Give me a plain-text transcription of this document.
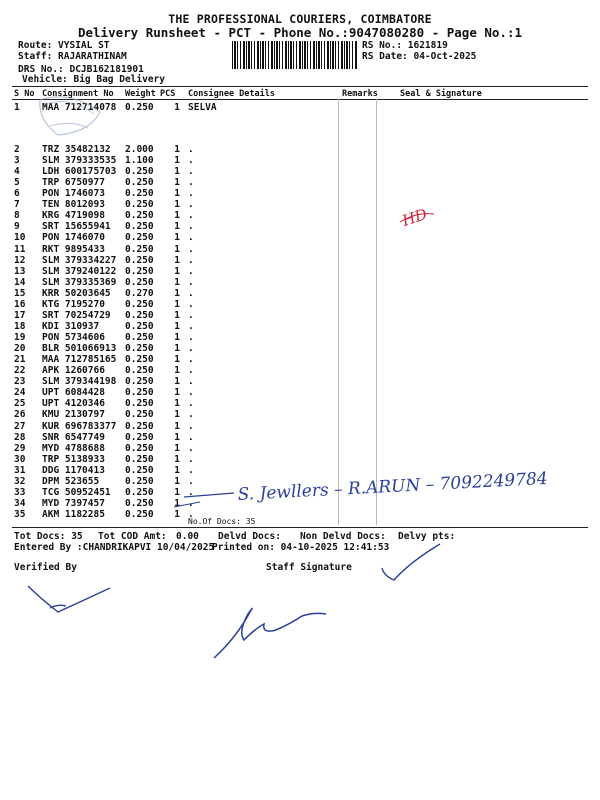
THE PROFESSIONAL COURIERS, COIMBATORE
Delivery Runsheet - PCT - Phone No.:9047080280 - Page No.:1
Route: VYSIAL ST
Staff: RAJARATHINAM
DRS No.: DCJB162181901
Vehicle: Big Bag Delivery
RS No.: 1621819
RS Date: 04-Oct-2025
S No Consignment No Weight PCS Consignee Details	Remarks	Seal & Signature
1 MAA 712714078 0.250	1 SELVA
2 TRZ 35482132 2.000	1 .
3 SLM 379333535 1.100	1 .
4 LDH 600175703 0.250	1 .
5 TRP 6750977 0.250	1 .
6 PON 1746073 0.250	1 .
7 TEN 8012093 0.250	1 .
8 KRG 4719098 0.250	1 .
9 SRT 15655941 0.250	1 .
10 PON 1746070 0.250	1 .
11 RKT 9895433 0.250	1 .
12 SLM 379334227 0.250	1 .
13 SLM 379240122 0.250	1 .
14 SLM 379335369 0.250	1 .
15 KRR 50203645 0.270	1 .
16 KTG 7195270 0.250	1 .
17 SRT 70254729 0.250	1 .
18 KDI 310937	0.250	1 .
19 PON 5734606 0.250	1 .
20 BLR 501066913 0.250	1 .
21 MAA 712785165 0.250	1 .
22 APK 1260766 0.250	1 .
23 SLM 379344198 0.250	1 .
24 UPT 6084428 0.250	1 .
25 UPT 4120346 0.250	1 .
26 KMU 2130797 0.250	1 .
27 KUR 696783377 0.250	1 .
28 SNR 6547749 0.250	1 .
29 MYD 4788688 0.250	1 .
30 TRP 5138933 0.250	1 .
31 DDG 1170413 0.250	1 .
32 DPM 523655	0.250	1 .
33 TCG 50952451 0.250	1 .
34 MYD 7397457 0.250	1 .
35 AKM 1182285 0.250	1 .
No.Of Docs: 35
Tot Docs: 35 Tot COD Amt: 0.00 Delvd Docs: Non Delvd Docs: Delvy pts:
Entered By :CHANDRIKAPVI 10/04/2025
Printed on: 04-10-2025 12:41:53
Verified By	Staff Signature
HD
S. Jewllers – R.ARUN – 7092249784
